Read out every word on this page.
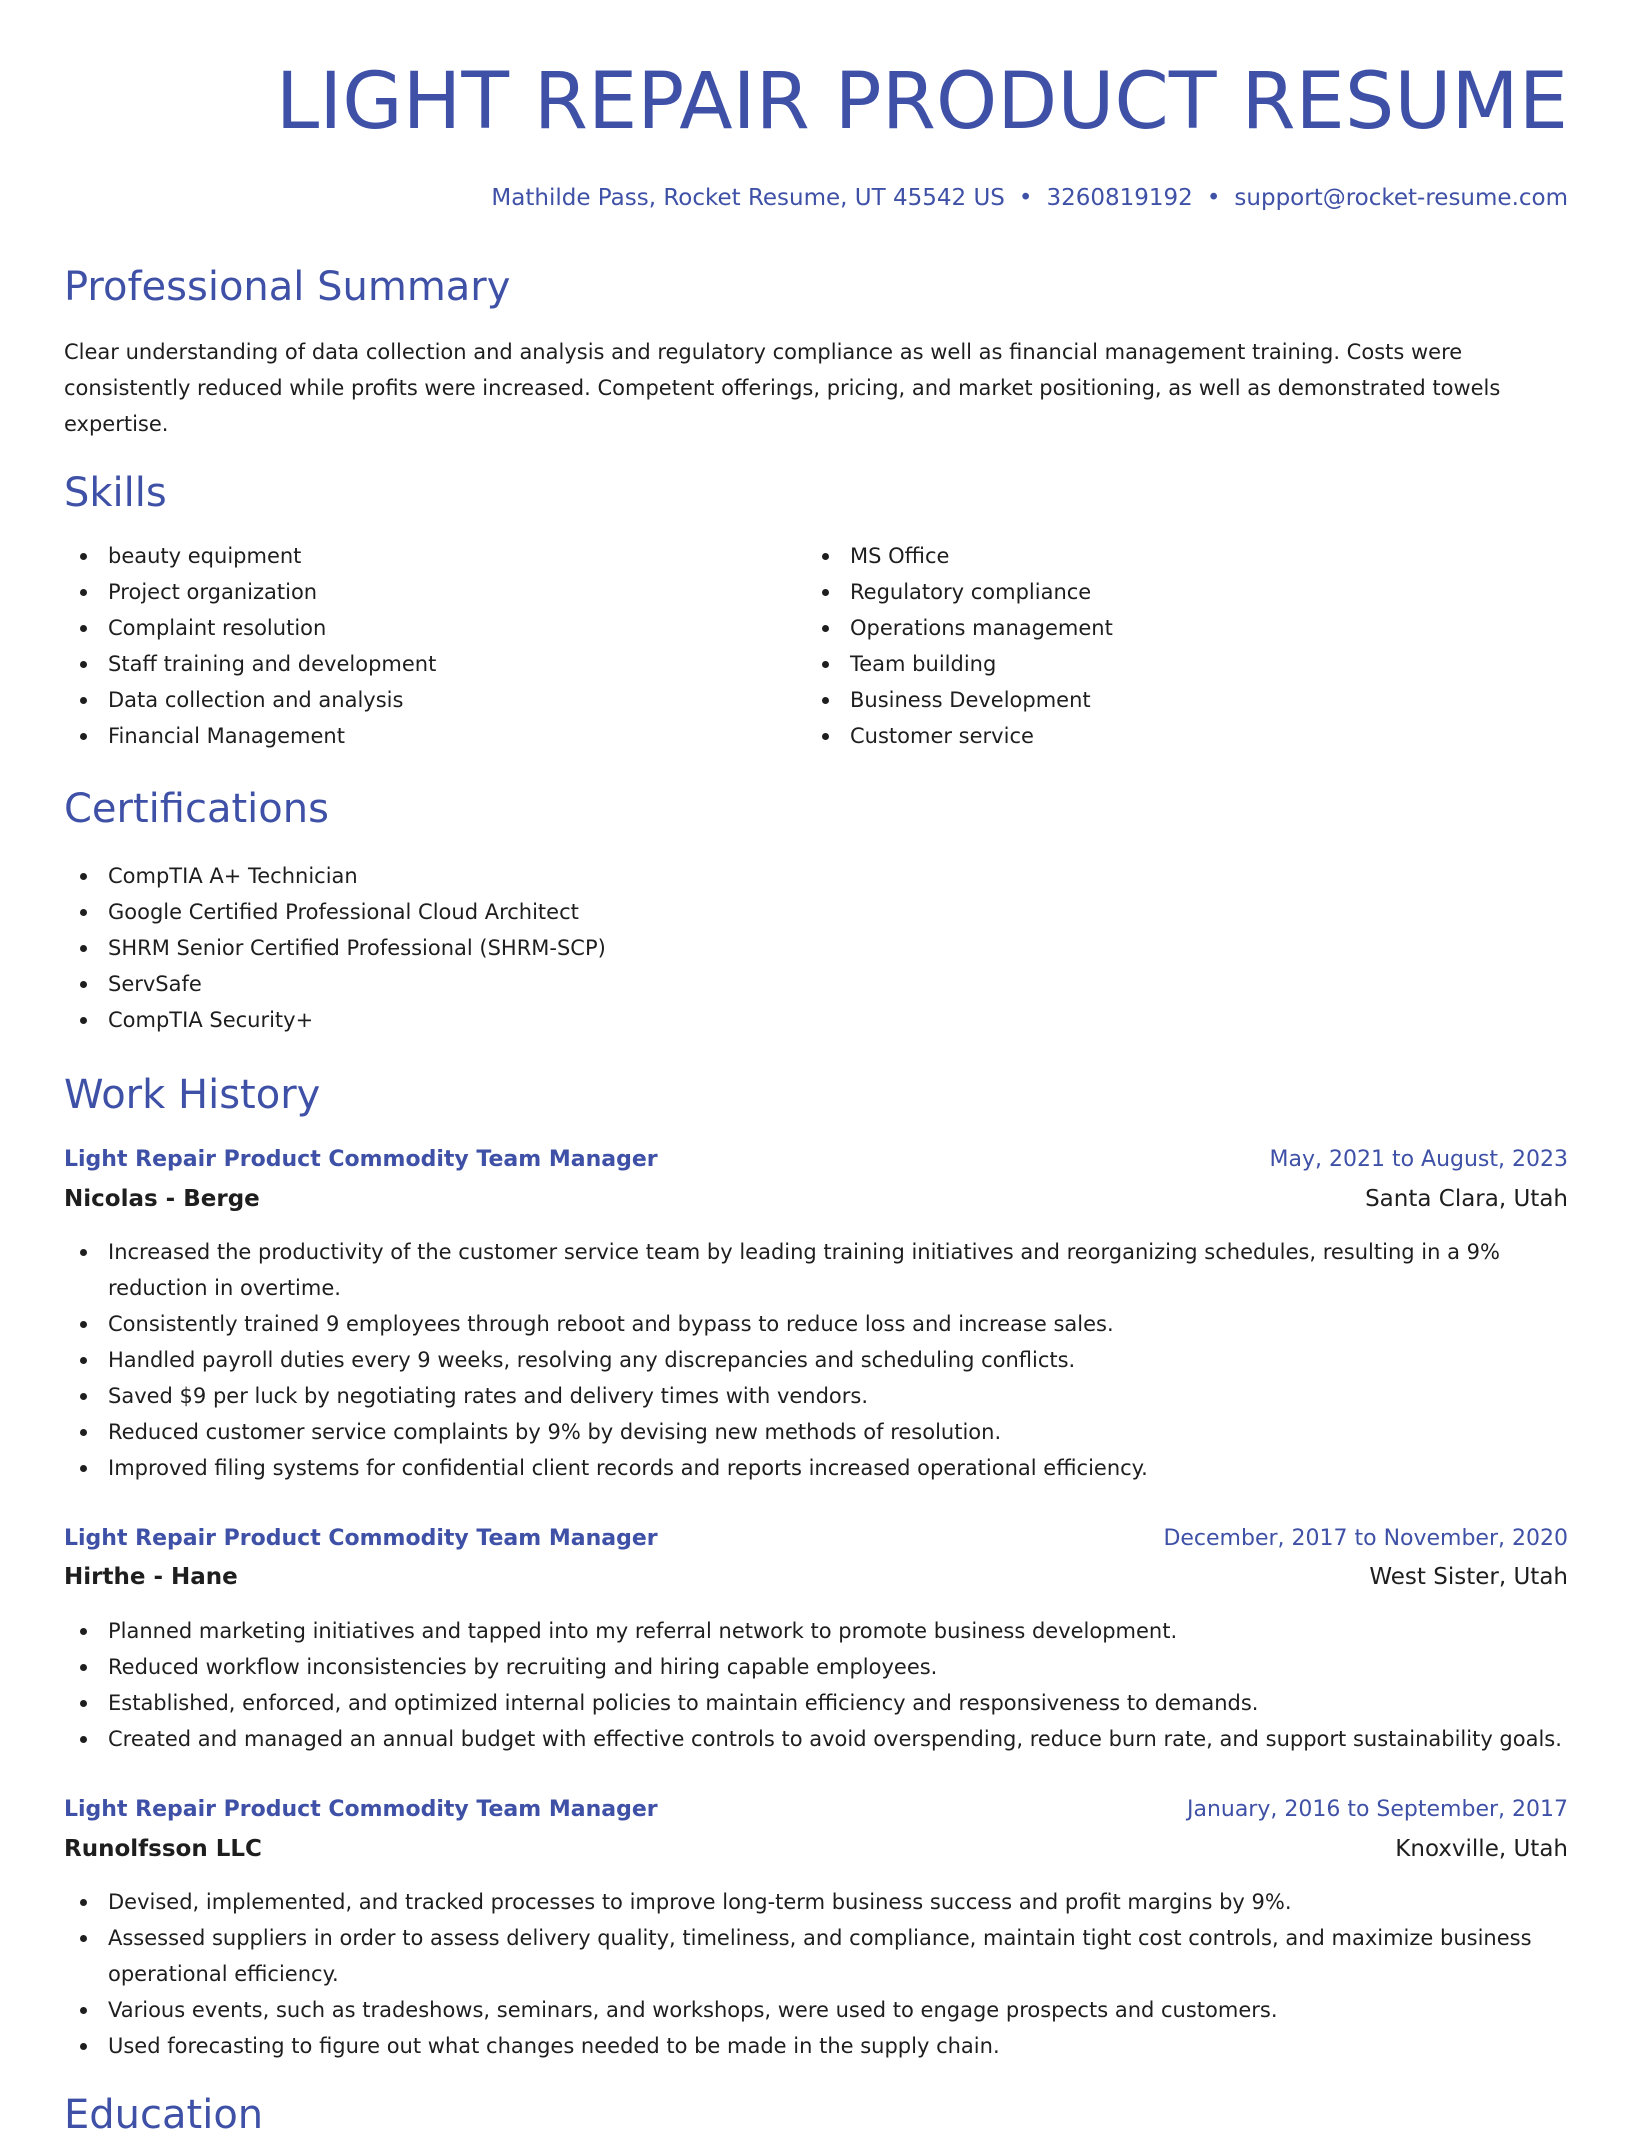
LIGHT REPAIR PRODUCT RESUME
Mathilde Pass, Rocket Resume, UT 45542 US • 3260819192 • support@rocket-resume.com
Professional Summary

Clear understanding of data collection and analysis and regulatory compliance as well as financial management training. Costs were consistently reduced while profits were increased. Competent offerings, pricing, and market positioning, as well as demonstrated towels expertise.

Skills
beauty equipment
Project organization
Complaint resolution
Staff training and development
Data collection and analysis
Financial Management
MS Office
Regulatory compliance
Operations management
Team building
Business Development
Customer service
Certifications
CompTIA A+ Technician
Google Certified Professional Cloud Architect
SHRM Senior Certified Professional (SHRM-SCP)
ServSafe
CompTIA Security+
Work History
Light Repair Product Commodity Team Manager	May, 2021 to August, 2023
Nicolas - Berge	Santa Clara, Utah
Increased the productivity of the customer service team by leading training initiatives and reorganizing schedules, resulting in a 9% reduction in overtime.
Consistently trained 9 employees through reboot and bypass to reduce loss and increase sales.
Handled payroll duties every 9 weeks, resolving any discrepancies and scheduling conflicts.
Saved $9 per luck by negotiating rates and delivery times with vendors.
Reduced customer service complaints by 9% by devising new methods of resolution.
Improved filing systems for confidential client records and reports increased operational efficiency.
Light Repair Product Commodity Team Manager	December, 2017 to November, 2020
Hirthe - Hane	West Sister, Utah
Planned marketing initiatives and tapped into my referral network to promote business development.
Reduced workflow inconsistencies by recruiting and hiring capable employees.
Established, enforced, and optimized internal policies to maintain efficiency and responsiveness to demands.
Created and managed an annual budget with effective controls to avoid overspending, reduce burn rate, and support sustainability goals.
Light Repair Product Commodity Team Manager	January, 2016 to September, 2017
Runolfsson LLC	Knoxville, Utah
Devised, implemented, and tracked processes to improve long-term business success and profit margins by 9%.
Assessed suppliers in order to assess delivery quality, timeliness, and compliance, maintain tight cost controls, and maximize business operational efficiency.
Various events, such as tradeshows, seminars, and workshops, were used to engage prospects and customers.
Used forecasting to figure out what changes needed to be made in the supply chain.
Education
